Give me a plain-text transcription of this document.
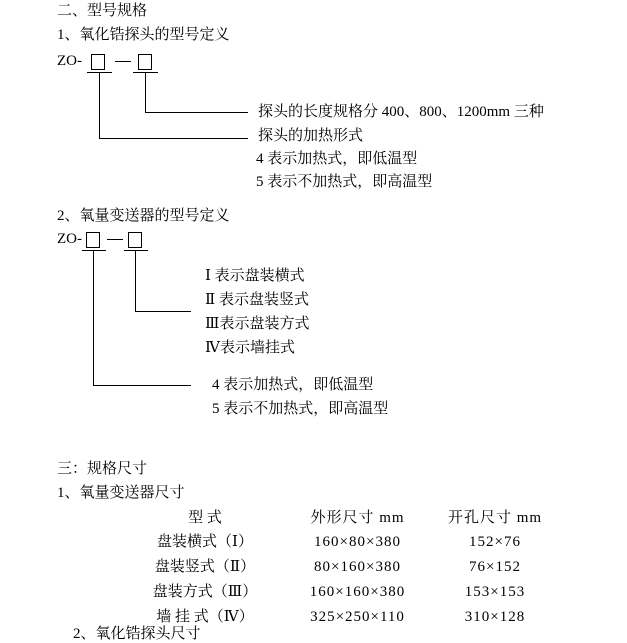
二、型号规格
1、氧化锆探头的型号定义
ZO-
探头的长度规格分 400、800、1200mm 三种
探头的加热形式
4 表示加热式，即低温型
5 表示不加热式，即高温型
2、氧量变送器的型号定义
ZO-
Ⅰ 表示盘装横式
Ⅱ 表示盘装竖式
Ⅲ表示盘装方式
Ⅳ表示墙挂式
4 表示加热式，即低温型
5 表示不加热式，即高温型
三：规格尺寸
1、氧量变送器尺寸
型 式	外形尺寸 mm	开孔尺寸 mm
盘装横式（Ⅰ）	160×80×380	152×76
盘装竖式（Ⅱ）	80×160×380	76×152
盘装方式（Ⅲ）	160×160×380	153×153
墙 挂 式（Ⅳ）	325×250×110	310×128
2、氧化锆探头尺寸
